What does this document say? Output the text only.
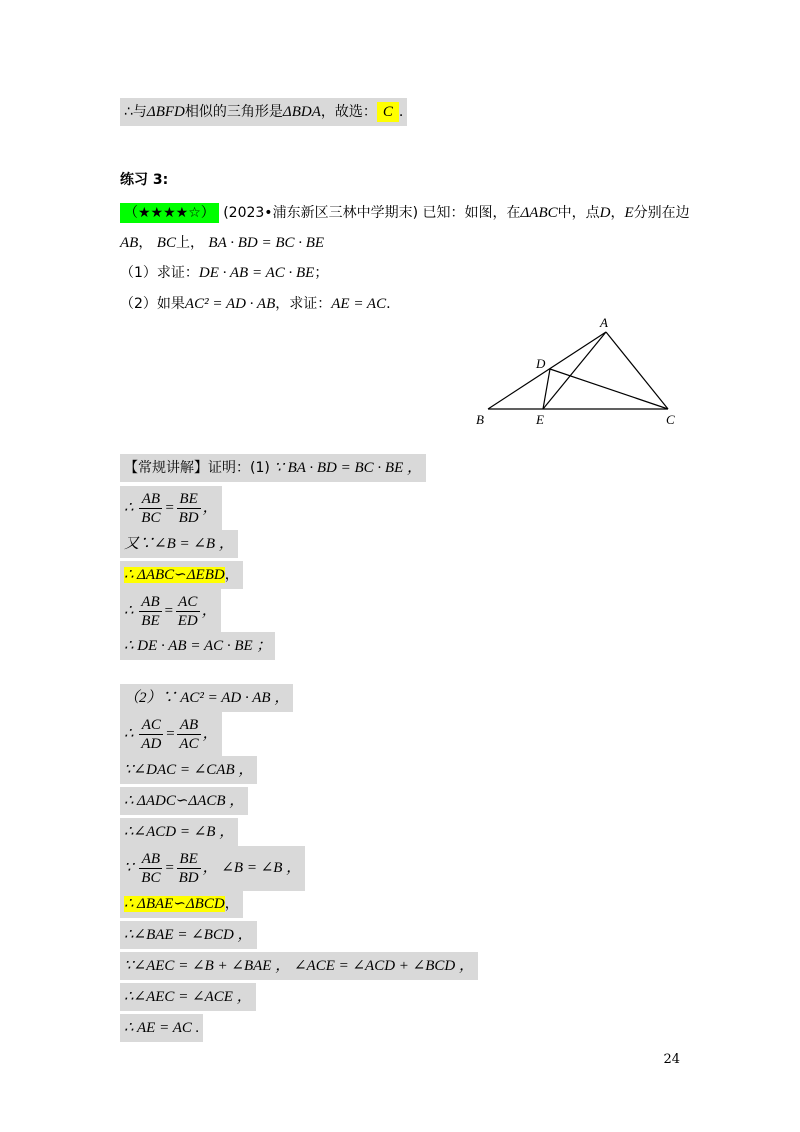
∴与ΔBFD相似的三角形是ΔBDA，故选： C .
练习 3:
（★★★★☆） (2023•浦东新区三林中学期末) 已知：如图，在ΔABC中，点D，E分别在边
AB， BC上， BA · BD = BC · BE
（1）求证：DE · AB = AC · BE；
（2）如果AC² = AD · AB，求证：AE = AC.
A
B	C
D
E
【常规讲解】证明：(1) ∵ BA · BD = BC · BE ，
∴ $\frac{AB}{BC} = \frac{BE}{BD}$ ，
又∵∠B = ∠B ，
∴ ΔABC∽ΔEBD，
∴ $\frac{AB}{BE} = \frac{AC}{ED}$ ，
∴ DE · AB = AC · BE ；
（2）∵ AC² = AD · AB ，
∴ $\frac{AC}{AD} = \frac{AB}{AC}$ ，
∵∠DAC = ∠CAB ，
∴ ΔADC∽ΔACB ，
∴∠ACD = ∠B ，
∵ $\frac{AB}{BC} = \frac{BE}{BD}$ ， ∠B = ∠B ，
∴ ΔBAE∽ΔBCD，
∴∠BAE = ∠BCD ，
∵∠AEC = ∠B + ∠BAE ， ∠ACE = ∠ACD + ∠BCD ，
∴∠AEC = ∠ACE ，
∴ AE = AC .
24
